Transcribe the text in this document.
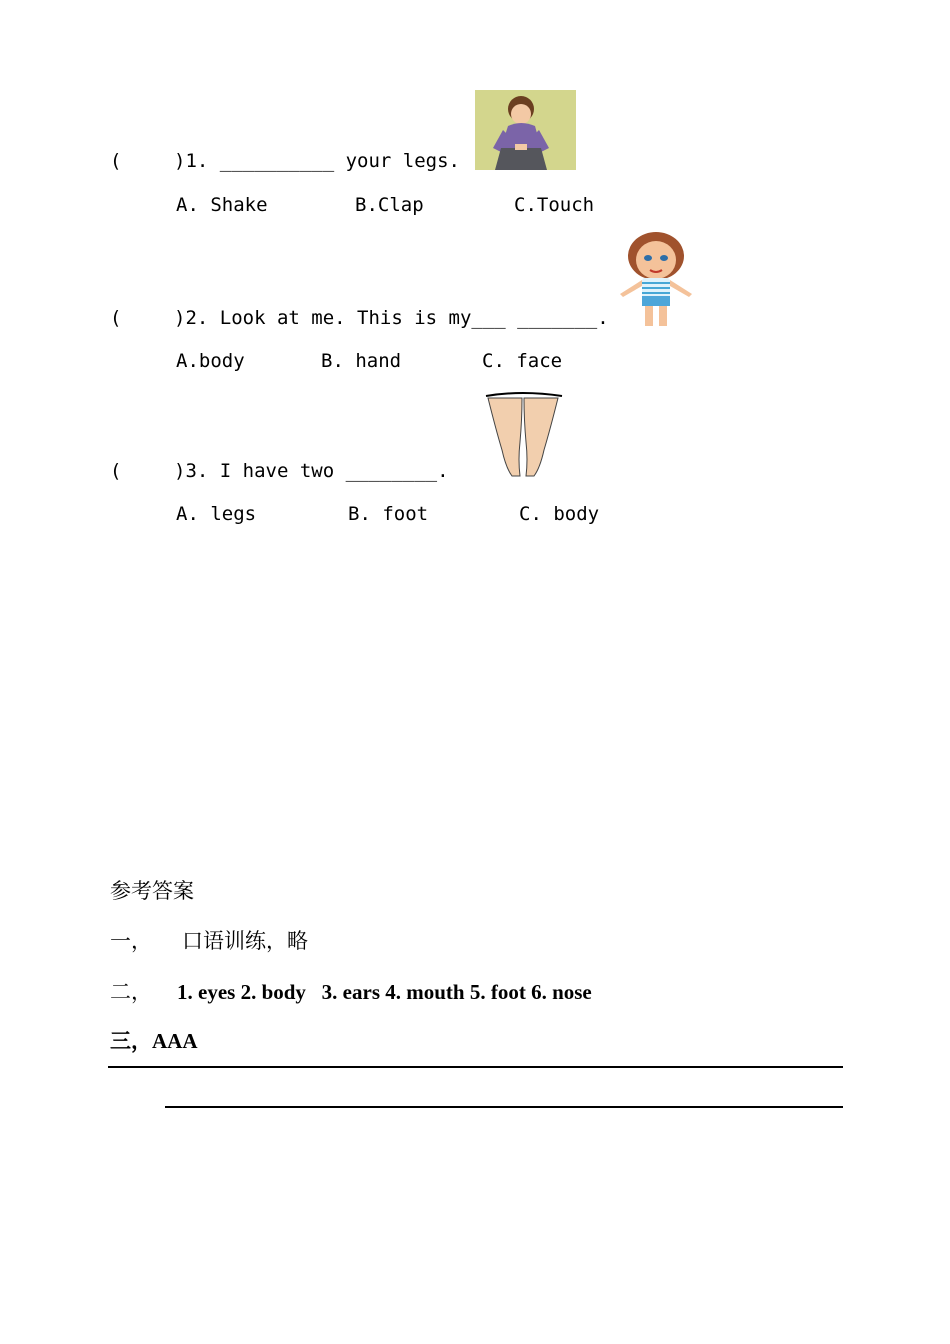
(	)1. __________ your legs.
A. Shake	B.Clap	C.Touch
(	)2. Look at me. This is my___ _______.
A.body	B. hand	C. face
(	)3. I have two ________.
A. legs	B. foot	C. body
参考答案
一， 口语训练，略
二， 1. eyes 2. body   3. ears 4. mouth 5. foot 6. nose
三，AAA
